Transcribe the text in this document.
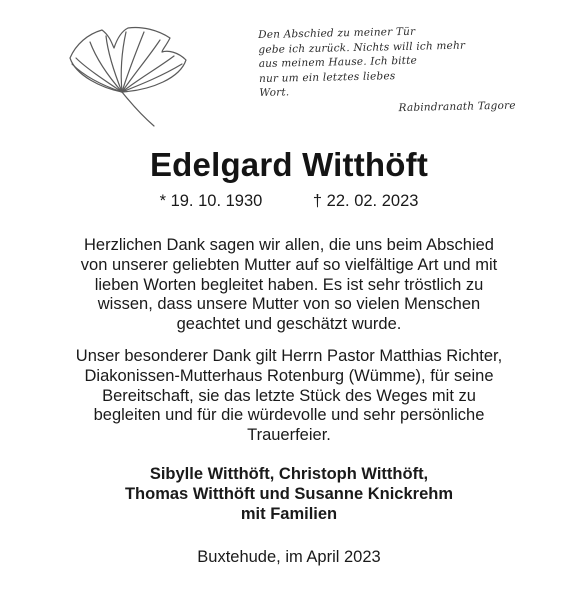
Den Abschied zu meiner Tür
gebe ich zurück. Nichts will ich mehr
aus meinem Hause. Ich bitte
nur um ein letztes liebes
Wort.
Rabindranath Tagore
Edelgard Witthöft
* 19. 10. 1930	† 22. 02. 2023
Herzlichen Dank sagen wir allen, die uns beim Abschied
von unserer geliebten Mutter auf so vielfältige Art und mit
lieben Worten begleitet haben. Es ist sehr tröstlich zu
wissen, dass unsere Mutter von so vielen Menschen
geachtet und geschätzt wurde.
Unser besonderer Dank gilt Herrn Pastor Matthias Richter,
Diakonissen-Mutterhaus Rotenburg (Wümme), für seine
Bereitschaft, sie das letzte Stück des Weges mit zu
begleiten und für die würdevolle und sehr persönliche
Trauerfeier.
Sibylle Witthöft, Christoph Witthöft,
Thomas Witthöft und Susanne Knickrehm
mit Familien
Buxtehude, im April 2023
